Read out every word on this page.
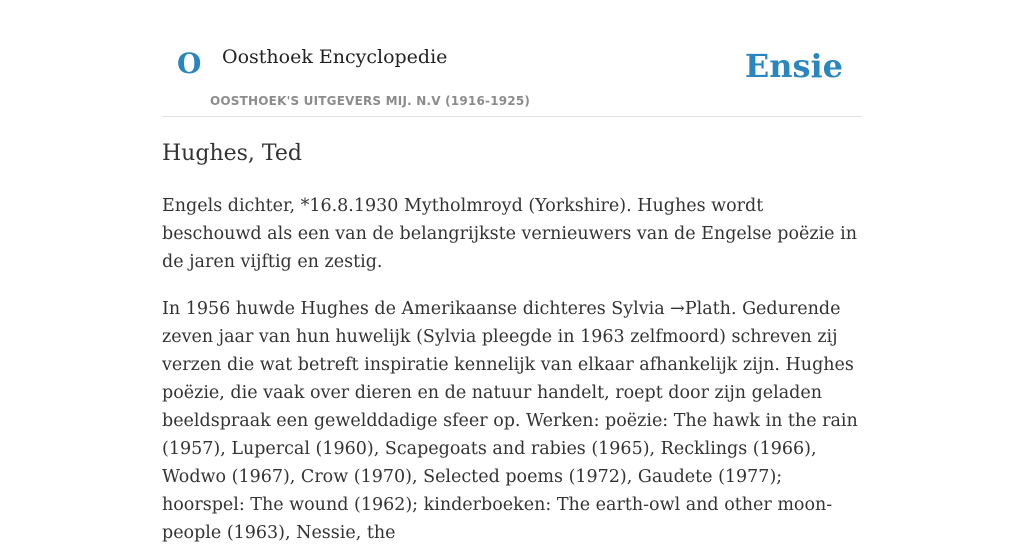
O Oosthoek Encyclopedie
OOSTHOEK'S UITGEVERS MIJ. N.V (1916-1925)
Ensie
Hughes, Ted

Engels dichter, *16.8.1930 Mytholmroyd (Yorkshire). Hughes wordt beschouwd als een van de belangrijkste vernieuwers van de Engelse poëzie in de jaren vijftig en zestig.

In 1956 huwde Hughes de Amerikaanse dichteres Sylvia →Plath. Gedurende zeven jaar van hun huwelijk (Sylvia pleegde in 1963 zelfmoord) schreven zij verzen die wat betreft inspiratie kennelijk van elkaar afhankelijk zijn. Hughes poëzie, die vaak over dieren en de natuur handelt, roept door zijn geladen beeldspraak een gewelddadige sfeer op. Werken: poëzie: The hawk in the rain (1957), Lupercal (1960), Scapegoats and rabies (1965), Recklings (1966), Wodwo (1967), Crow (1970), Selected poems (1972), Gaudete (1977); hoorspel: The wound (1962); kinderboeken: The earth-owl and other moon-people (1963), Nessie, the
